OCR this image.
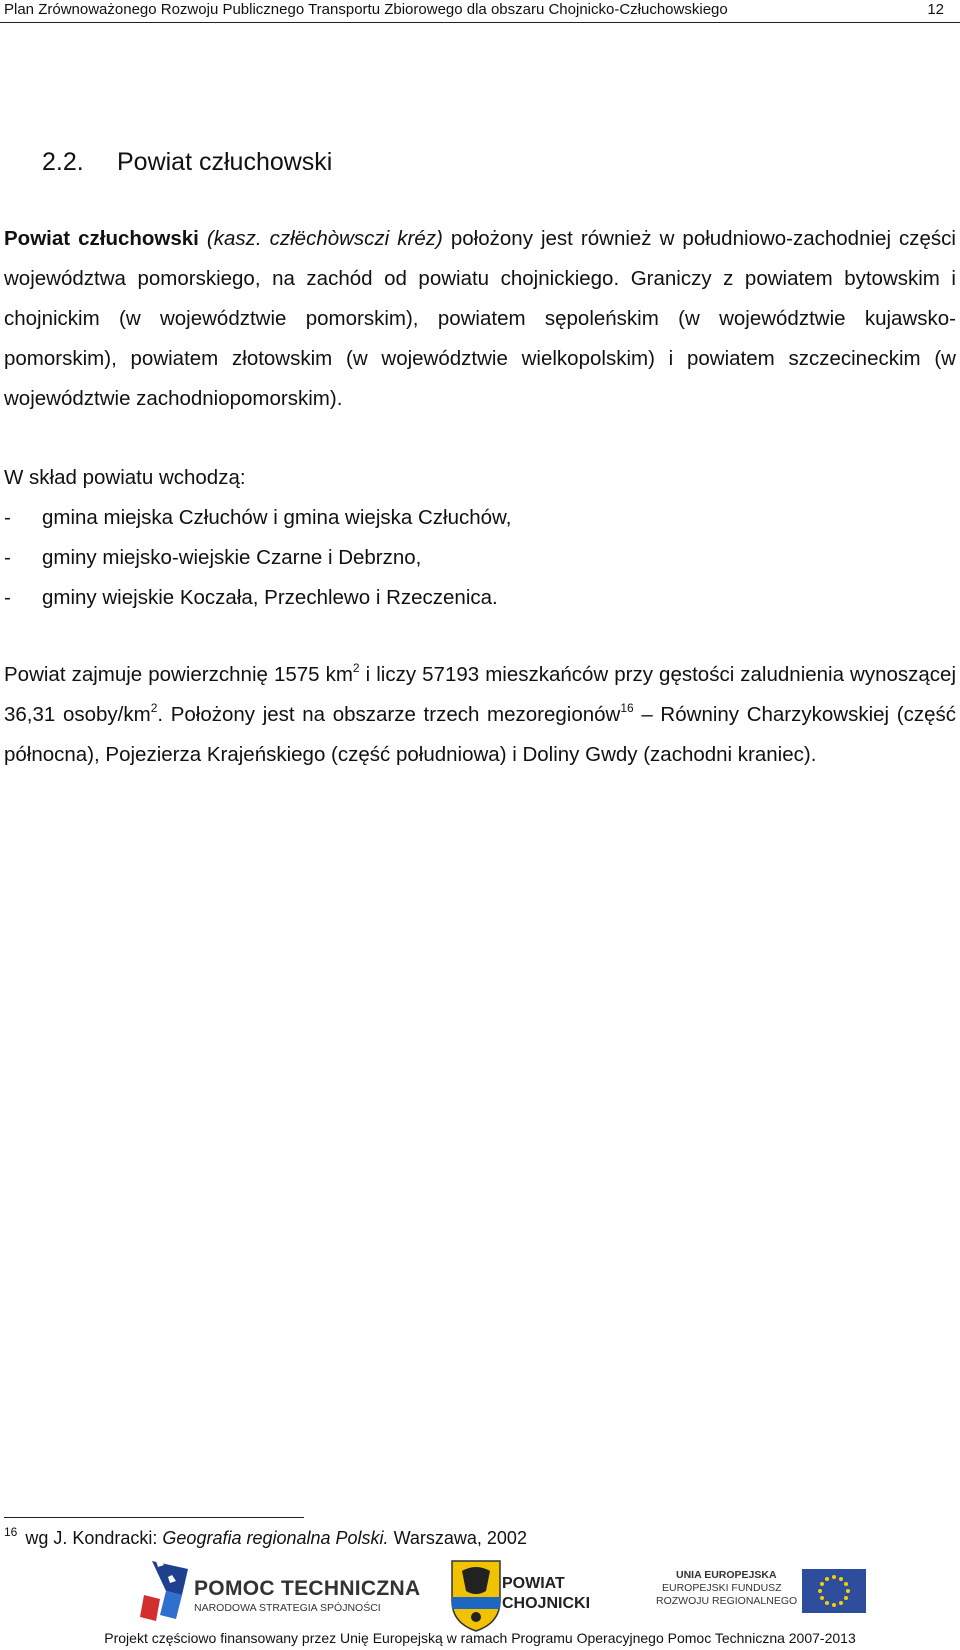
Plan Zrównoważonego Rozwoju Publicznego Transportu Zbiorowego dla obszaru Chojnicko-Człuchowskiego	12
2.2. Powiat człuchowski
Powiat człuchowski (kasz. człëchòwsczi kréz) położony jest również w południowo-zachodniej części województwa pomorskiego, na zachód od powiatu chojnickiego. Graniczy z powiatem bytowskim i chojnickim (w województwie pomorskim), powiatem sępoleńskim (w województwie kujawsko-pomorskim), powiatem złotowskim (w województwie wielkopolskim) i powiatem szczecineckim (w województwie zachodniopomorskim).
W skład powiatu wchodzą:
- gmina miejska Człuchów i gmina wiejska Człuchów,
- gminy miejsko-wiejskie Czarne i Debrzno,
- gminy wiejskie Koczała, Przechlewo i Rzeczenica.
Powiat zajmuje powierzchnię 1575 $km^2$ i liczy 57193 mieszkańców przy gęstości zaludnienia wynoszącej 36,31 osoby/$km^2$. Położony jest na obszarze trzech mezoregionów$^{16}$ – Równiny Charzykowskiej (część północna), Pojezierza Krajeńskiego (część południowa) i Doliny Gwdy (zachodni kraniec).
$^{16}$ wg J. Kondracki: Geografia regionalna Polski. Warszawa, 2002
POMOC TECHNICZNA
NARODOWA STRATEGIA SPÓJNOŚCI
POWIAT
CHOJNICKI
UNIA EUROPEJSKA
EUROPEJSKI FUNDUSZ
ROZWOJU REGIONALNEGO
Projekt częściowo finansowany przez Unię Europejską w ramach Programu Operacyjnego Pomoc Techniczna 2007-2013
